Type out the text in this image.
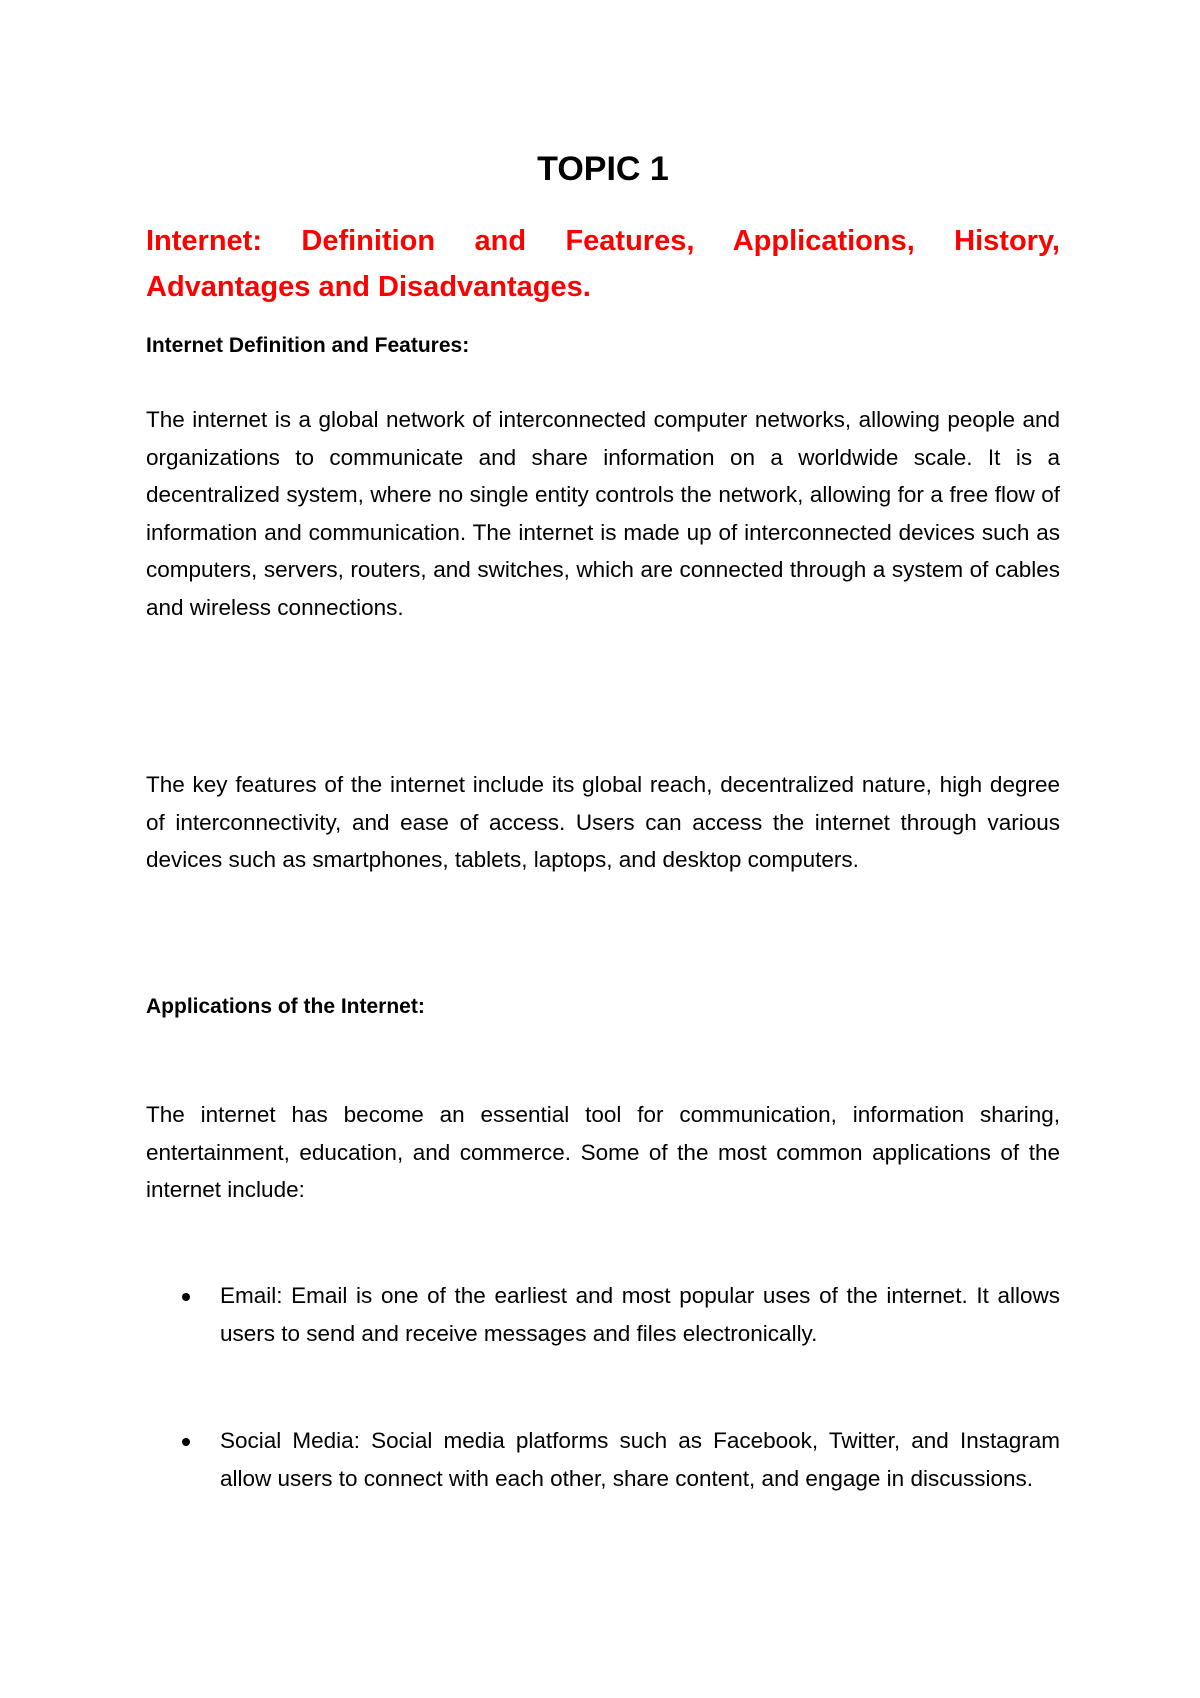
TOPIC 1
Internet: Definition and Features, Applications, History, Advantages and Disadvantages.
Internet Definition and Features:

The internet is a global network of interconnected computer networks, allowing people and organizations to communicate and share information on a worldwide scale. It is a decentralized system, where no single entity controls the network, allowing for a free flow of information and communication. The internet is made up of interconnected devices such as computers, servers, routers, and switches, which are connected through a system of cables and wireless connections.

The key features of the internet include its global reach, decentralized nature, high degree of interconnectivity, and ease of access. Users can access the internet through various devices such as smartphones, tablets, laptops, and desktop computers.

Applications of the Internet:

The internet has become an essential tool for communication, information sharing, entertainment, education, and commerce. Some of the most common applications of the internet include:

Email: Email is one of the earliest and most popular uses of the internet. It allows users to send and receive messages and files electronically.

Social Media: Social media platforms such as Facebook, Twitter, and Instagram allow users to connect with each other, share content, and engage in discussions.
